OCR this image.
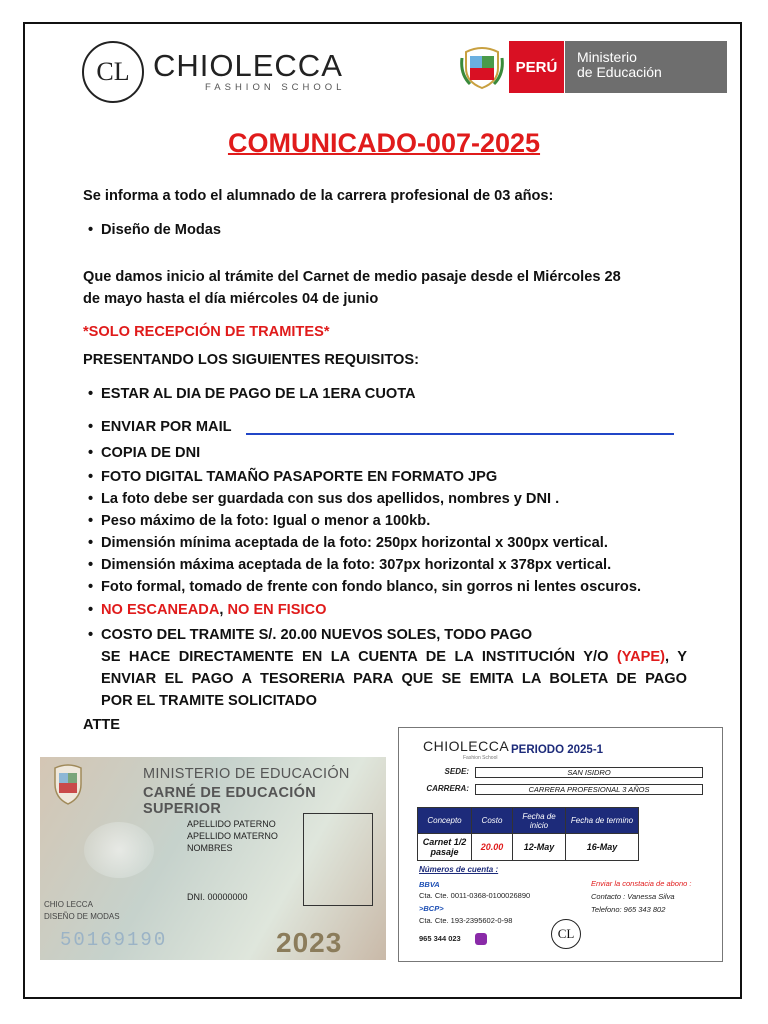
CL CHIOLECCA
FASHION SCHOOL
PERÚ
Ministerio
de Educación
COMUNICADO-007-2025
Se informa a todo el alumnado de la carrera profesional de 03 años:
• Diseño de Modas
Que damos inicio al trámite del Carnet de medio pasaje desde el Miércoles 28
de mayo hasta el día miércoles 04 de junio
*SOLO RECEPCIÓN DE TRAMITES*
PRESENTANDO LOS SIGUIENTES REQUISITOS:
• ESTAR AL DIA DE PAGO DE LA 1ERA CUOTA
• ENVIAR POR MAIL
• COPIA DE DNI
• FOTO DIGITAL TAMAÑO PASAPORTE EN FORMATO JPG
• La foto debe ser guardada con sus dos apellidos, nombres y DNI .
• Peso máximo de la foto: Igual o menor a 100kb.
• Dimensión mínima aceptada de la foto: 250px horizontal x 300px vertical.
• Dimensión máxima aceptada de la foto: 307px horizontal x 378px vertical.
• Foto formal, tomado de frente con fondo blanco, sin gorros ni lentes oscuros.
• NO ESCANEADA, NO EN FISICO
• COSTO DEL TRAMITE S/. 20.00 NUEVOS SOLES, TODO PAGO
SE HACE DIRECTAMENTE EN LA CUENTA DE LA INSTITUCIÓN Y/O (YAPE), Y
ENVIAR EL PAGO A TESORERIA PARA QUE SE EMITA LA BOLETA DE PAGO
POR EL TRAMITE SOLICITADO
ATTE
MINISTERIO DE EDUCACIÓN
CARNÉ DE EDUCACIÓN SUPERIOR
APELLIDO PATERNO
APELLIDO MATERNO
NOMBRES
DNI. 00000000
CHIO LECCA
DISEÑO DE MODAS
50169190	2023
CHIOLECCA
Fashion School
PERIODO 2025-1
SEDE:	SAN ISIDRO
CARRERA:	CARRERA PROFESIONAL 3 AÑOS
Concepto	Costo	Fecha de inicio	Fecha de termino
Carnet 1/2 pasaje	20.00	12-May	16-May
Números de cuenta :
BBVA
Cta. Cte. 0011-0368-0100026890
>BCP>
Cta. Cte. 193-2395602-0-98
965 344 023	CL
Enviar la constacia de abono :
Contacto : Vanessa Silva
Telefono: 965 343 802
